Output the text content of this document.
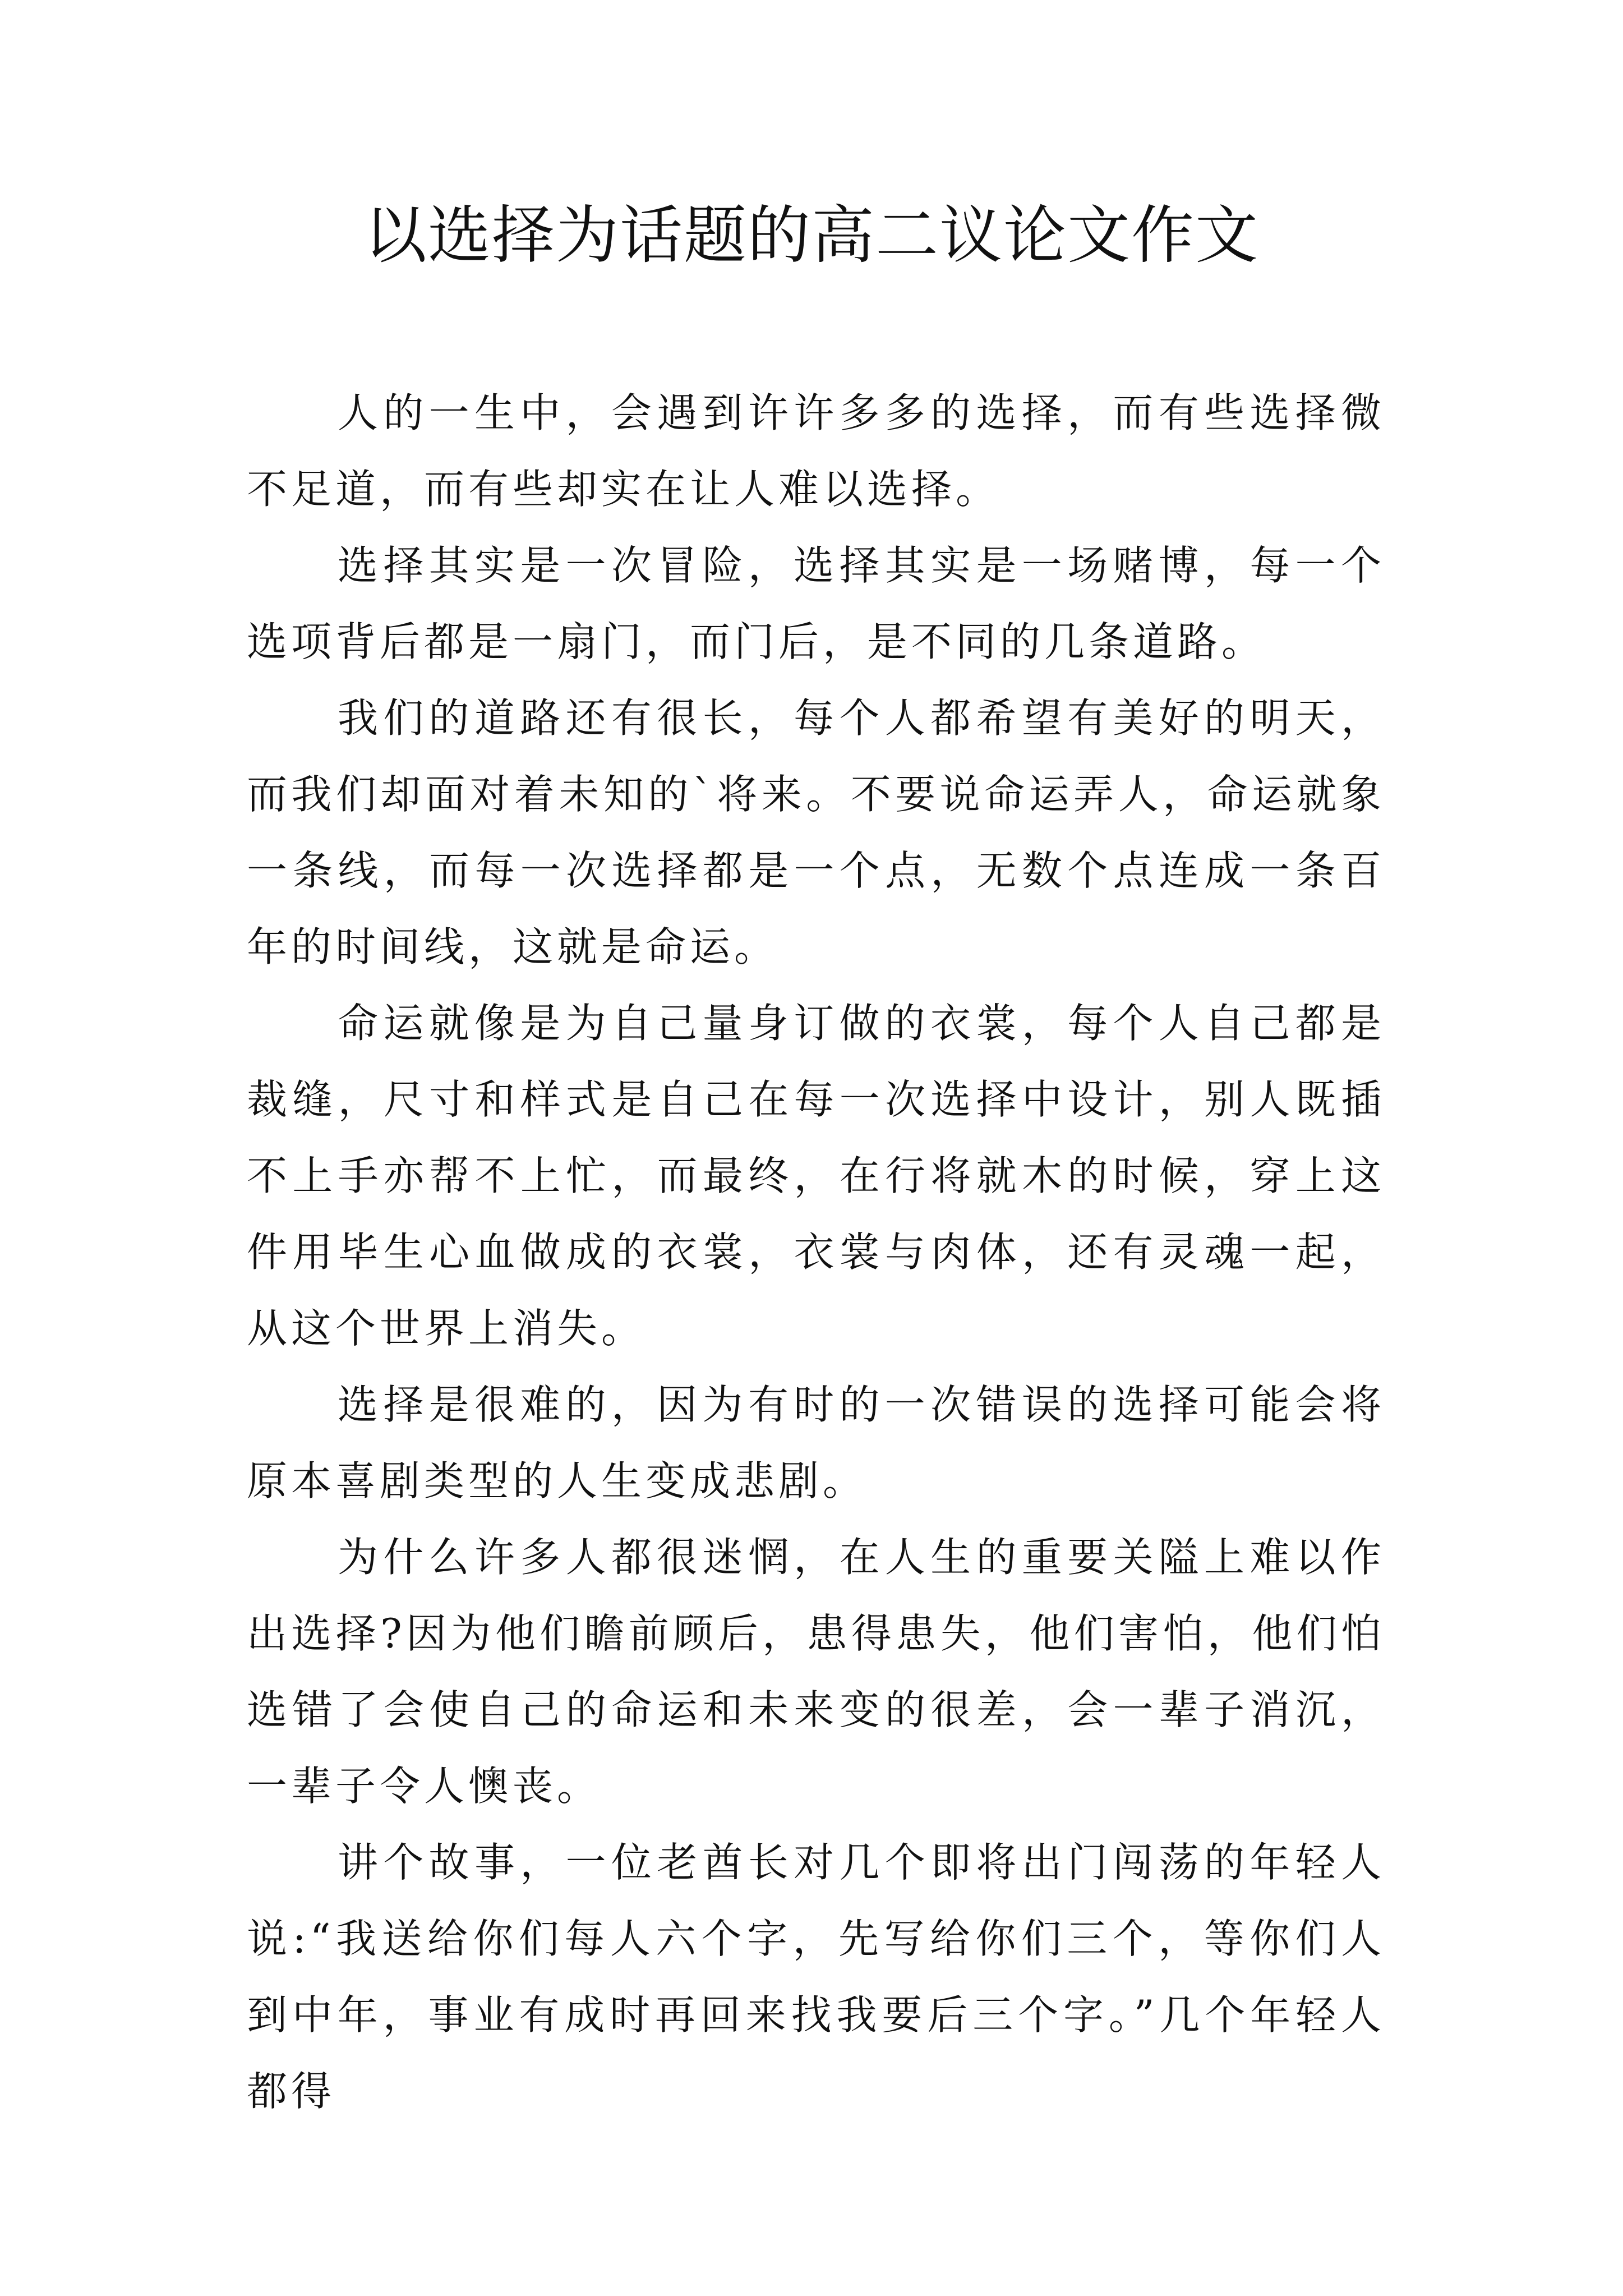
以选择为话题的高二议论文作文

人的一生中，会遇到许许多多的选择，而有些选择微不足道，而有些却实在让人难以选择。

选择其实是一次冒险，选择其实是一场赌博，每一个选项背后都是一扇门，而门后，是不同的几条道路。

我们的道路还有很长，每个人都希望有美好的明天，而我们却面对着未知的`将来。不要说命运弄人，命运就象一条线，而每一次选择都是一个点，无数个点连成一条百年的时间线，这就是命运。

命运就像是为自己量身订做的衣裳，每个人自己都是裁缝，尺寸和样式是自己在每一次选择中设计，别人既插不上手亦帮不上忙，而最终，在行将就木的时候，穿上这件用毕生心血做成的衣裳，衣裳与肉体，还有灵魂一起，从这个世界上消失。

选择是很难的，因为有时的一次错误的选择可能会将原本喜剧类型的人生变成悲剧。

为什么许多人都很迷惘，在人生的重要关隘上难以作出选择?因为他们瞻前顾后，患得患失，他们害怕，他们怕选错了会使自己的命运和未来变的很差，会一辈子消沉，一辈子令人懊丧。

讲个故事，一位老酋长对几个即将出门闯荡的年轻人说:“我送给你们每人六个字，先写给你们三个，等你们人到中年，事业有成时再回来找我要后三个字。”几个年轻人都得
